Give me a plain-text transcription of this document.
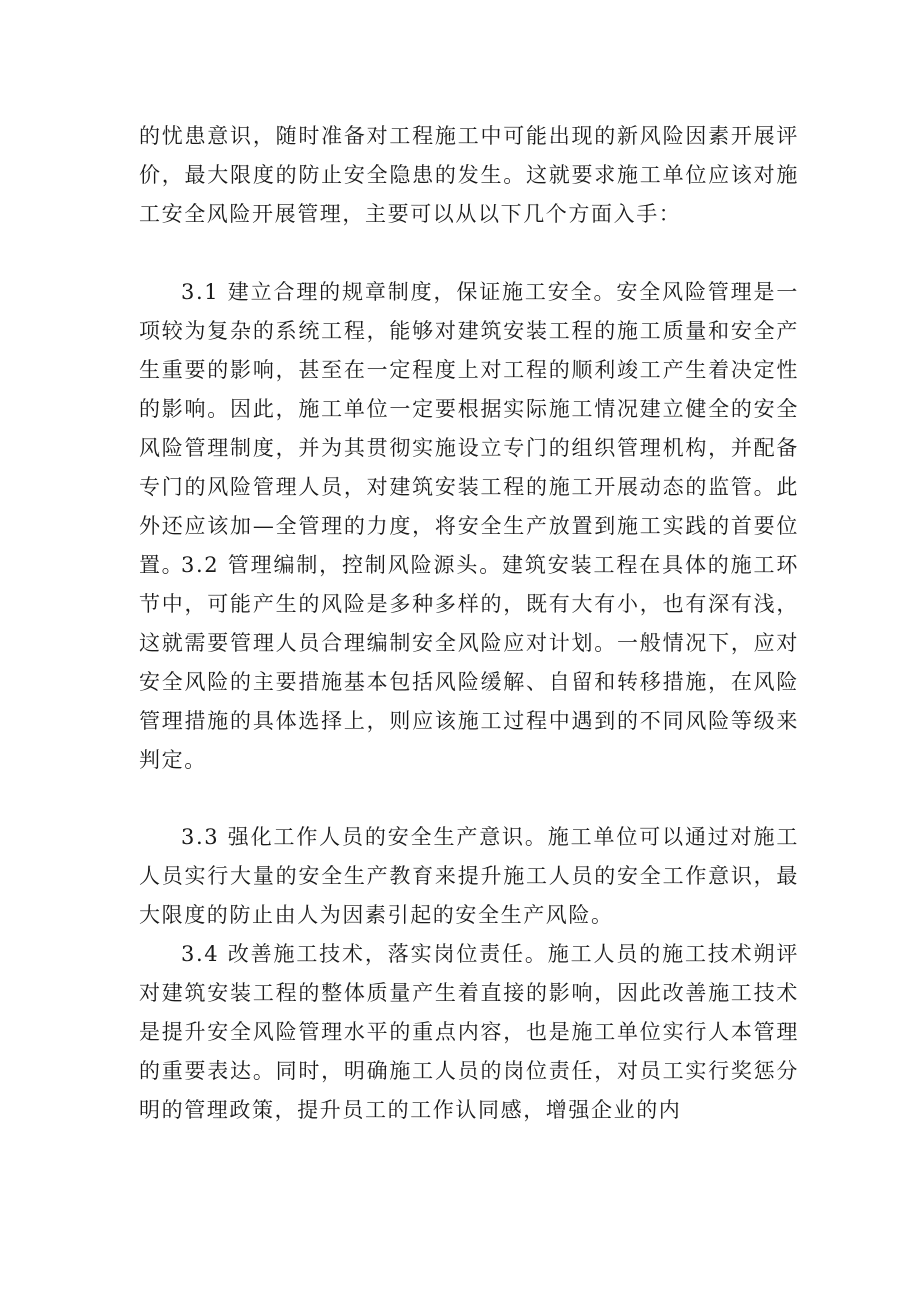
的忧患意识，随时准备对工程施工中可能出现的新风险因素开展评价，最大限度的防止安全隐患的发生。这就要求施工单位应该对施工安全风险开展管理，主要可以从以下几个方面入手：

3.1 建立合理的规章制度，保证施工安全。安全风险管理是一项较为复杂的系统工程，能够对建筑安装工程的施工质量和安全产生重要的影响，甚至在一定程度上对工程的顺利竣工产生着决定性的影响。因此，施工单位一定要根据实际施工情况建立健全的安全风险管理制度，并为其贯彻实施设立专门的组织管理机构，并配备专门的风险管理人员，对建筑安装工程的施工开展动态的监管。此外还应该加—全管理的力度，将安全生产放置到施工实践的首要位置。

3.2 管理编制，控制风险源头。建筑安装工程在具体的施工环节中，可能产生的风险是多种多样的，既有大有小，也有深有浅，这就需要管理人员合理编制安全风险应对计划。一般情况下，应对安全风险的主要措施基本包括风险缓解、自留和转移措施，在风险管理措施的具体选择上，则应该施工过程中遇到的不同风险等级来判定。

3.3 强化工作人员的安全生产意识。施工单位可以通过对施工人员实行大量的安全生产教育来提升施工人员的安全工作意识，最大限度的防止由人为因素引起的安全生产风险。

3.4 改善施工技术，落实岗位责任。施工人员的施工技术朔评对建筑安装工程的整体质量产生着直接的影响，因此改善施工技术是提升安全风险管理水平的重点内容，也是施工单位实行人本管理的重要表达。同时，明确施工人员的岗位责任，对员工实行奖惩分明的管理政策，提升员工的工作认同感，增强企业的内
